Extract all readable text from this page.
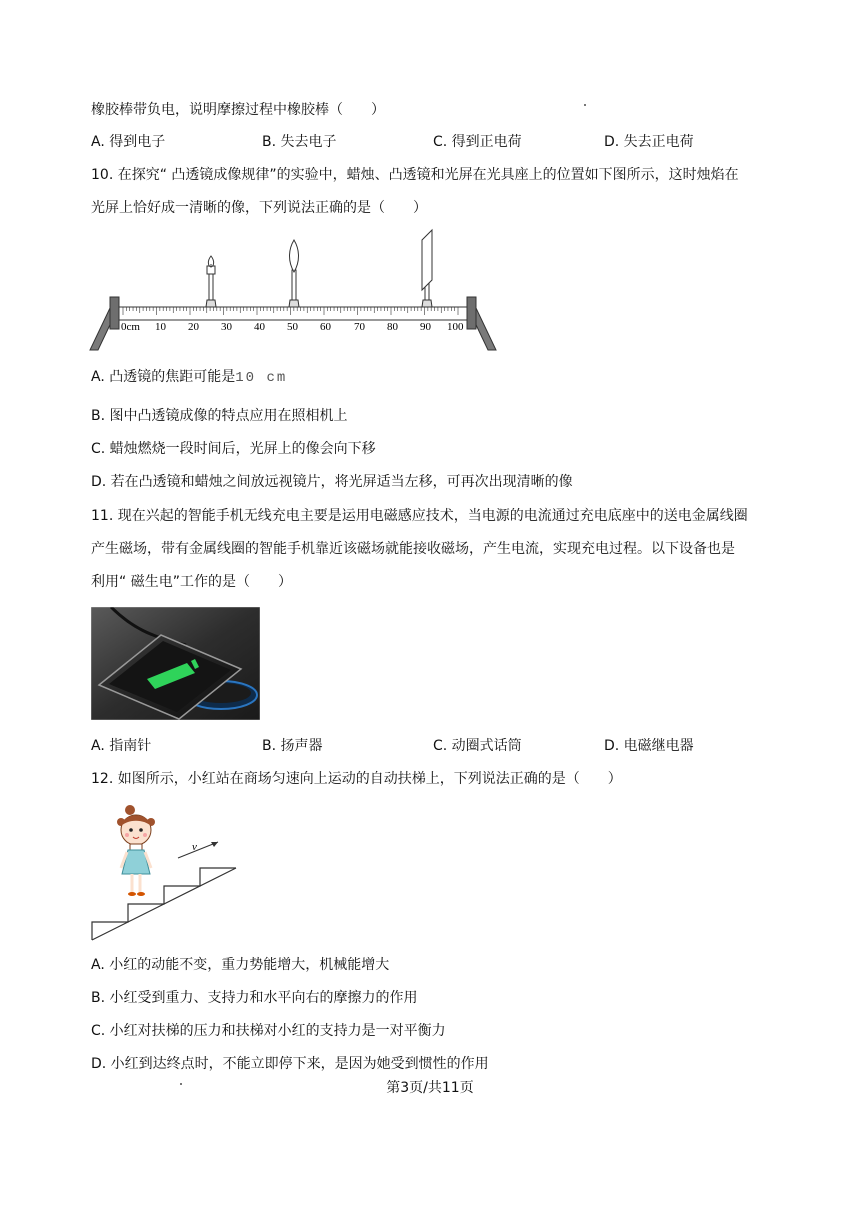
橡胶棒带负电，说明摩擦过程中橡胶棒（　　）
A. 得到电子	B. 失去电子	C. 得到正电荷	D. 失去正电荷
10. 在探究“ 凸透镜成像规律”的实验中，蜡烛、凸透镜和光屏在光具座上的位置如下图所示，这时烛焰在
光屏上恰好成一清晰的像，下列说法正确的是（　　）
0cm 10 20 30 40 50 60 70 80 90 100
A. 凸透镜的焦距可能是10 cm
B. 图中凸透镜成像的特点应用在照相机上
C. 蜡烛燃烧一段时间后，光屏上的像会向下移
D. 若在凸透镜和蜡烛之间放远视镜片，将光屏适当左移，可再次出现清晰的像
11. 现在兴起的智能手机无线充电主要是运用电磁感应技术，当电源的电流通过充电底座中的送电金属线圈
产生磁场，带有金属线圈的智能手机靠近该磁场就能接收磁场，产生电流，实现充电过程。以下设备也是
利用“ 磁生电”工作的是（　　）
A. 指南针	B. 扬声器	C. 动圈式话筒	D. 电磁继电器
12. 如图所示，小红站在商场匀速向上运动的自动扶梯上，下列说法正确的是（　　）
v
A. 小红的动能不变，重力势能增大，机械能增大
B. 小红受到重力、支持力和水平向右的摩擦力的作用
C. 小红对扶梯的压力和扶梯对小红的支持力是一对平衡力
D. 小红到达终点时，不能立即停下来，是因为她受到惯性的作用
第3页/共11页
